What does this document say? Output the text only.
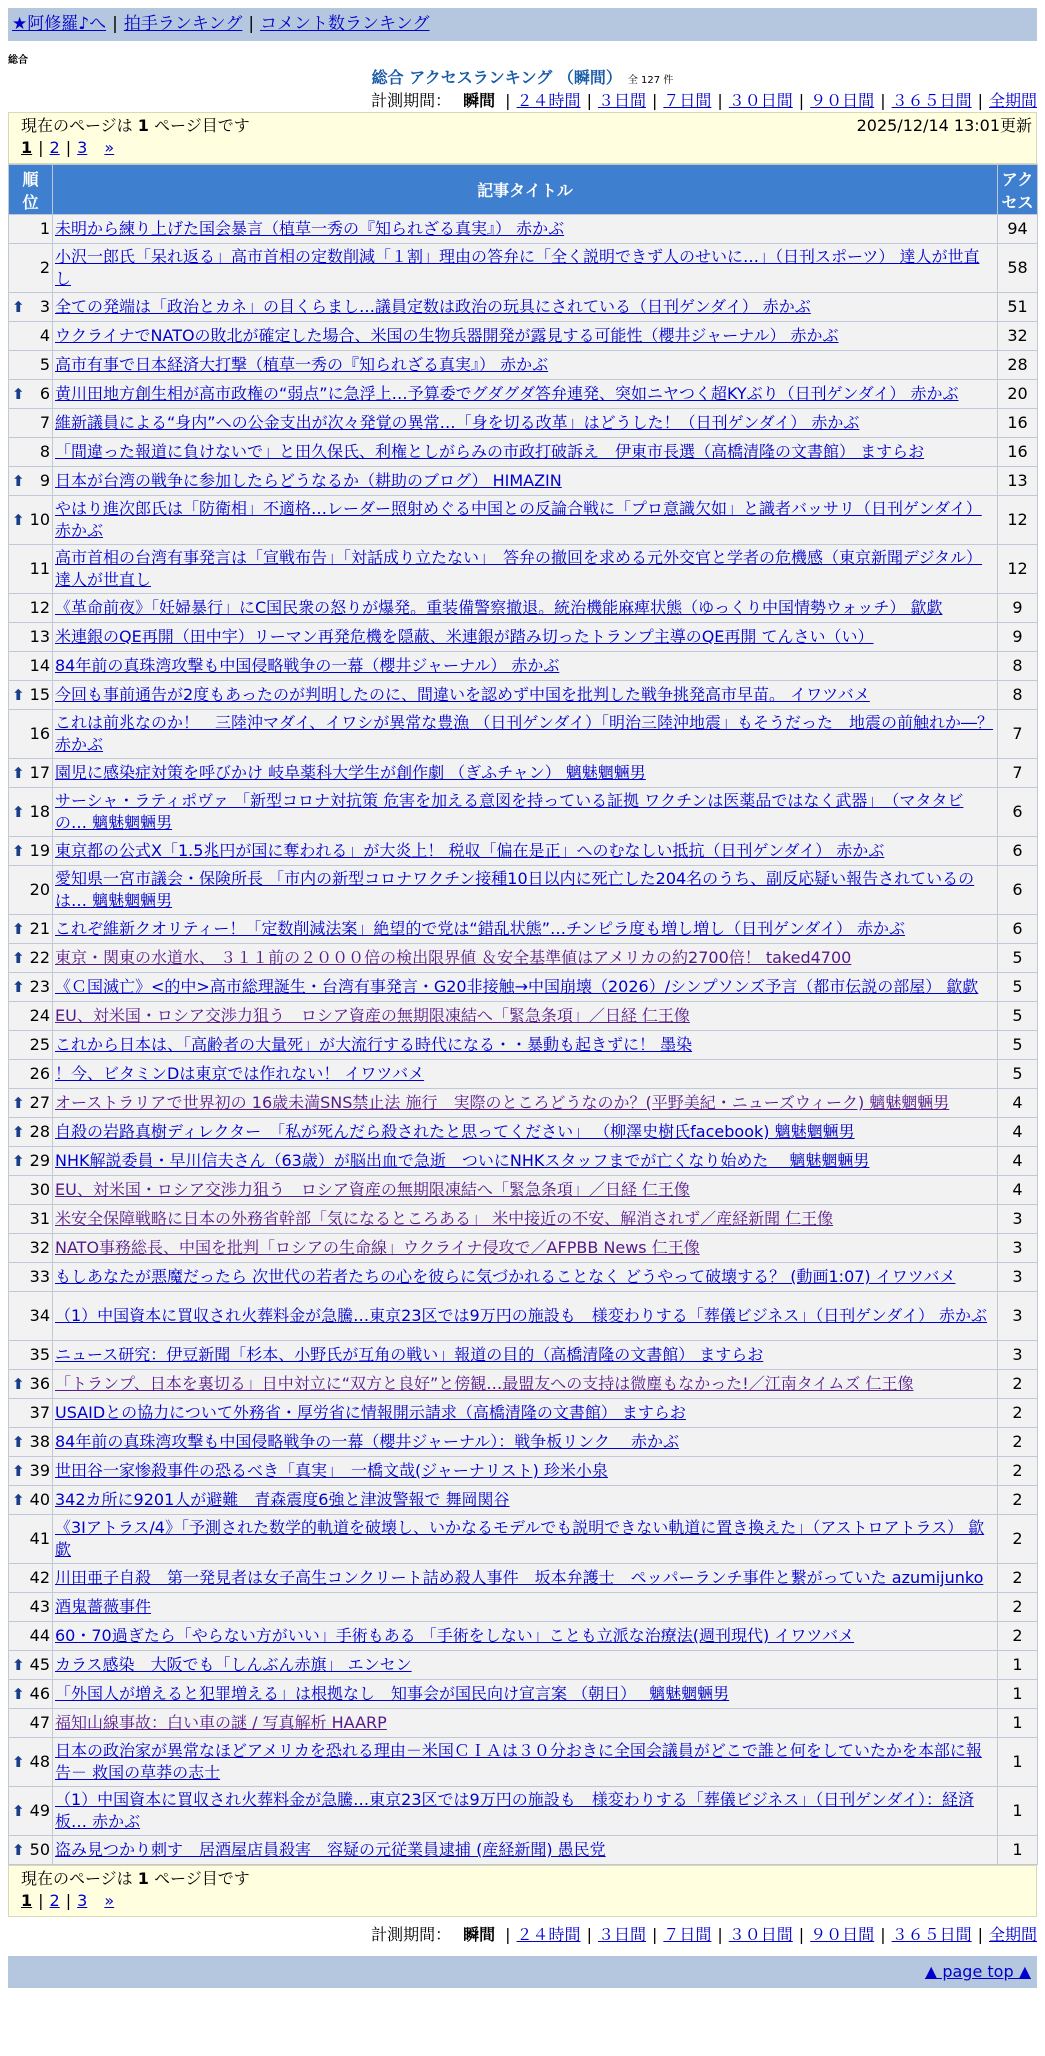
★阿修羅♪へ | 拍手ランキング | コメント数ランキング
総合
総合 アクセスランキング （瞬間） 全 127 件
計測期間： 瞬間 | ２４時間 | ３日間 | ７日間 | ３０日間 | ９０日間 | ３６５日間 | 全期間
現在のページは 1 ページ目です	2025/12/14 13:01更新
1 | 2 | 3 »
順
位	記事タイトル	アク
セス
1	未明から練り上げた国会暴言（植草一秀の『知られざる真実』） 赤かぶ	94
2	小沢一郎氏「呆れ返る」高市首相の定数削減「１割」理由の答弁に「全く説明できず人のせいに…」（日刊スポーツ） 達人が世直し	58

⬆ 3	全ての発端は「政治とカネ」の目くらまし…議員定数は政治の玩具にされている（日刊ゲンダイ） 赤かぶ	51
4	ウクライナでNATOの敗北が確定した場合、米国の生物兵器開発が露見する可能性（櫻井ジャーナル） 赤かぶ	32
5	高市有事で日本経済大打撃（植草一秀の『知られざる真実』） 赤かぶ	28

⬆ 6	黄川田地方創生相が高市政権の“弱点”に急浮上…予算委でグダグダ答弁連発、突如ニヤつく超KYぶり（日刊ゲンダイ） 赤かぶ	20
7	維新議員による“身内”への公金支出が次々発覚の異常…「身を切る改革」はどうした！（日刊ゲンダイ） 赤かぶ	16
8	「間違った報道に負けないで」と田久保氏、利権としがらみの市政打破訴え　伊東市長選（高橋清隆の文書館） ますらお	16

⬆ 9	日本が台湾の戦争に参加したらどうなるか（耕助のブログ） HIMAZIN	13

⬆ 10	やはり進次郎氏は「防衛相」不適格…レーダー照射めぐる中国との反論合戦に「プロ意識欠如」と識者バッサリ（日刊ゲンダイ） 赤かぶ	12
11	高市首相の台湾有事発言は「宣戦布告」「対話成り立たない」　答弁の撤回を求める元外交官と学者の危機感（東京新聞デジタル） 達人が世直し	12
12	《革命前夜》「妊婦暴行」にC国民衆の怒りが爆発。重装備警察撤退。統治機能麻痺状態（ゆっくり中国情勢ウォッチ） 歙歔	9
13	米連銀のQE再開（田中宇）リーマン再発危機を隠蔽、米連銀が踏み切ったトランプ主導のQE再開 てんさい（い）	9
14	84年前の真珠湾攻撃も中国侵略戦争の一幕（櫻井ジャーナル） 赤かぶ	8

⬆ 15	今回も事前通告が2度もあったのが判明したのに、間違いを認めず中国を批判した戦争挑発高市早苗。 イワツバメ	8
16	これは前兆なのか！　三陸沖マダイ、イワシが異常な豊漁 （日刊ゲンダイ）「明治三陸沖地震」もそうだった　地震の前触れか―？ 赤かぶ	7

⬆ 17	園児に感染症対策を呼びかけ 岐阜薬科大学生が創作劇 （ぎふチャン） 魑魅魍魎男	7

⬆ 18	サーシャ・ラティポヴァ 「新型コロナ対抗策 危害を加える意図を持っている証拠 ワクチンは医薬品ではなく武器」　（マタタビの… 魑魅魍魎男	6

⬆ 19	東京都の公式X「1.5兆円が国に奪われる」が大炎上！ 税収「偏在是正」へのむなしい抵抗（日刊ゲンダイ） 赤かぶ	6
20	愛知県一宮市議会・保険所長 「市内の新型コロナワクチン接種10日以内に死亡した204名のうち、副反応疑い報告されているのは… 魑魅魍魎男	6

⬆ 21	これぞ維新クオリティー！「定数削減法案」絶望的で党は“錯乱状態”…チンピラ度も増し増し（日刊ゲンダイ） 赤かぶ	6

⬆ 22	東京・関東の水道水、 ３１１前の２０００倍の検出限界値 ＆安全基準値はアメリカの約2700倍！ taked4700	5

⬆ 23	《Ｃ国滅亡》<的中>高市総理誕生・台湾有事発言・G20非接触→中国崩壊（2026）/シンプソンズ予言（都市伝説の部屋） 歙歔	5
24	EU、対米国・ロシア交渉力狙う　ロシア資産の無期限凍結へ「緊急条項」／日経 仁王像	5
25	これから日本は、「高齢者の大量死」が大流行する時代になる・・暴動も起きずに！ 墨染	5
26	！今、ビタミンDは東京では作れない！ イワツバメ	5

⬆ 27	オーストラリアで世界初の 16歳未満SNS禁止法 施行　実際のところどうなのか？(平野美紀・ニューズウィーク) 魑魅魍魎男	4

⬆ 28	自殺の岩路真樹ディレクター　「私が死んだら殺されたと思ってください」 （柳澤史樹氏facebook) 魑魅魍魎男	4

⬆ 29	NHK解説委員・早川信夫さん（63歳）が脳出血で急逝　ついにNHKスタッフまでが亡くなり始めた　 魑魅魍魎男	4
30	EU、対米国・ロシア交渉力狙う　ロシア資産の無期限凍結へ「緊急条項」／日経 仁王像	4
31	米安全保障戦略に日本の外務省幹部「気になるところある」 米中接近の不安、解消されず／産経新聞 仁王像	3
32	NATO事務総長、中国を批判「ロシアの生命線」ウクライナ侵攻で／AFPBB News 仁王像	3
33	もしあなたが悪魔だったら 次世代の若者たちの心を彼らに気づかれることなく どうやって破壊する？ (動画1:07) イワツバメ	3
34	（1）中国資本に買収され火葬料金が急騰…東京23区では9万円の施設も　様変わりする「葬儀ビジネス」（日刊ゲンダイ） 赤かぶ	3
35	ニュース研究：伊豆新聞「杉本、小野氏が互角の戦い」報道の目的（高橋清隆の文書館） ますらお	3

⬆ 36	「トランプ、日本を裏切る」日中対立に“双方と良好”と傍観…最盟友への支持は微塵もなかった!／江南タイムズ 仁王像	2
37	USAIDとの協力について外務省・厚労省に情報開示請求（高橋清隆の文書館） ますらお	2

⬆ 38	84年前の真珠湾攻撃も中国侵略戦争の一幕（櫻井ジャーナル）：戦争板リンク　 赤かぶ	2

⬆ 39	世田谷一家惨殺事件の恐るべき「真実」　一橋文哉(ジャーナリスト) 珍米小泉	2

⬆ 40	342カ所に9201人が避難　青森震度6強と津波警報で 舞岡関谷	2
41	《3Iアトラス/4》「予測された数学的軌道を破壊し、いかなるモデルでも説明できない軌道に置き換えた」（アストロアトラス） 歙歔	2
42	川田亜子自殺　第一発見者は女子高生コンクリート詰め殺人事件　坂本弁護士　ペッパーランチ事件と繋がっていた azumijunko	2
43	酒鬼薔薇事件	2
44	60・70過ぎたら「やらない方がいい」手術もある 「手術をしない」ことも立派な治療法(週刊現代) イワツバメ	2

⬆ 45	カラス感染　大阪でも「しんぶん赤旗」 エンセン	1

⬆ 46	「外国人が増えると犯罪増える」は根拠なし　知事会が国民向け宣言案 （朝日）　 魑魅魍魎男	1
47	福知山線事故：白い車の謎 / 写真解析 HAARP	1

⬆ 48	日本の政治家が異常なほどアメリカを恐れる理由－米国ＣＩＡは３０分おきに全国会議員がどこで誰と何をしていたかを本部に報告－ 救国の草莽の志士	1

⬆ 49	（1）中国資本に買収され火葬料金が急騰…東京23区では9万円の施設も　様変わりする「葬儀ビジネス」（日刊ゲンダイ）：経済板… 赤かぶ	1

⬆ 50	盗み見つかり刺す　居酒屋店員殺害　容疑の元従業員逮捕 (産経新聞) 愚民党	1
現在のページは 1 ページ目です
1 | 2 | 3 »
計測期間： 瞬間 | ２４時間 | ３日間 | ７日間 | ３０日間 | ９０日間 | ３６５日間 | 全期間
▲ page top ▲
